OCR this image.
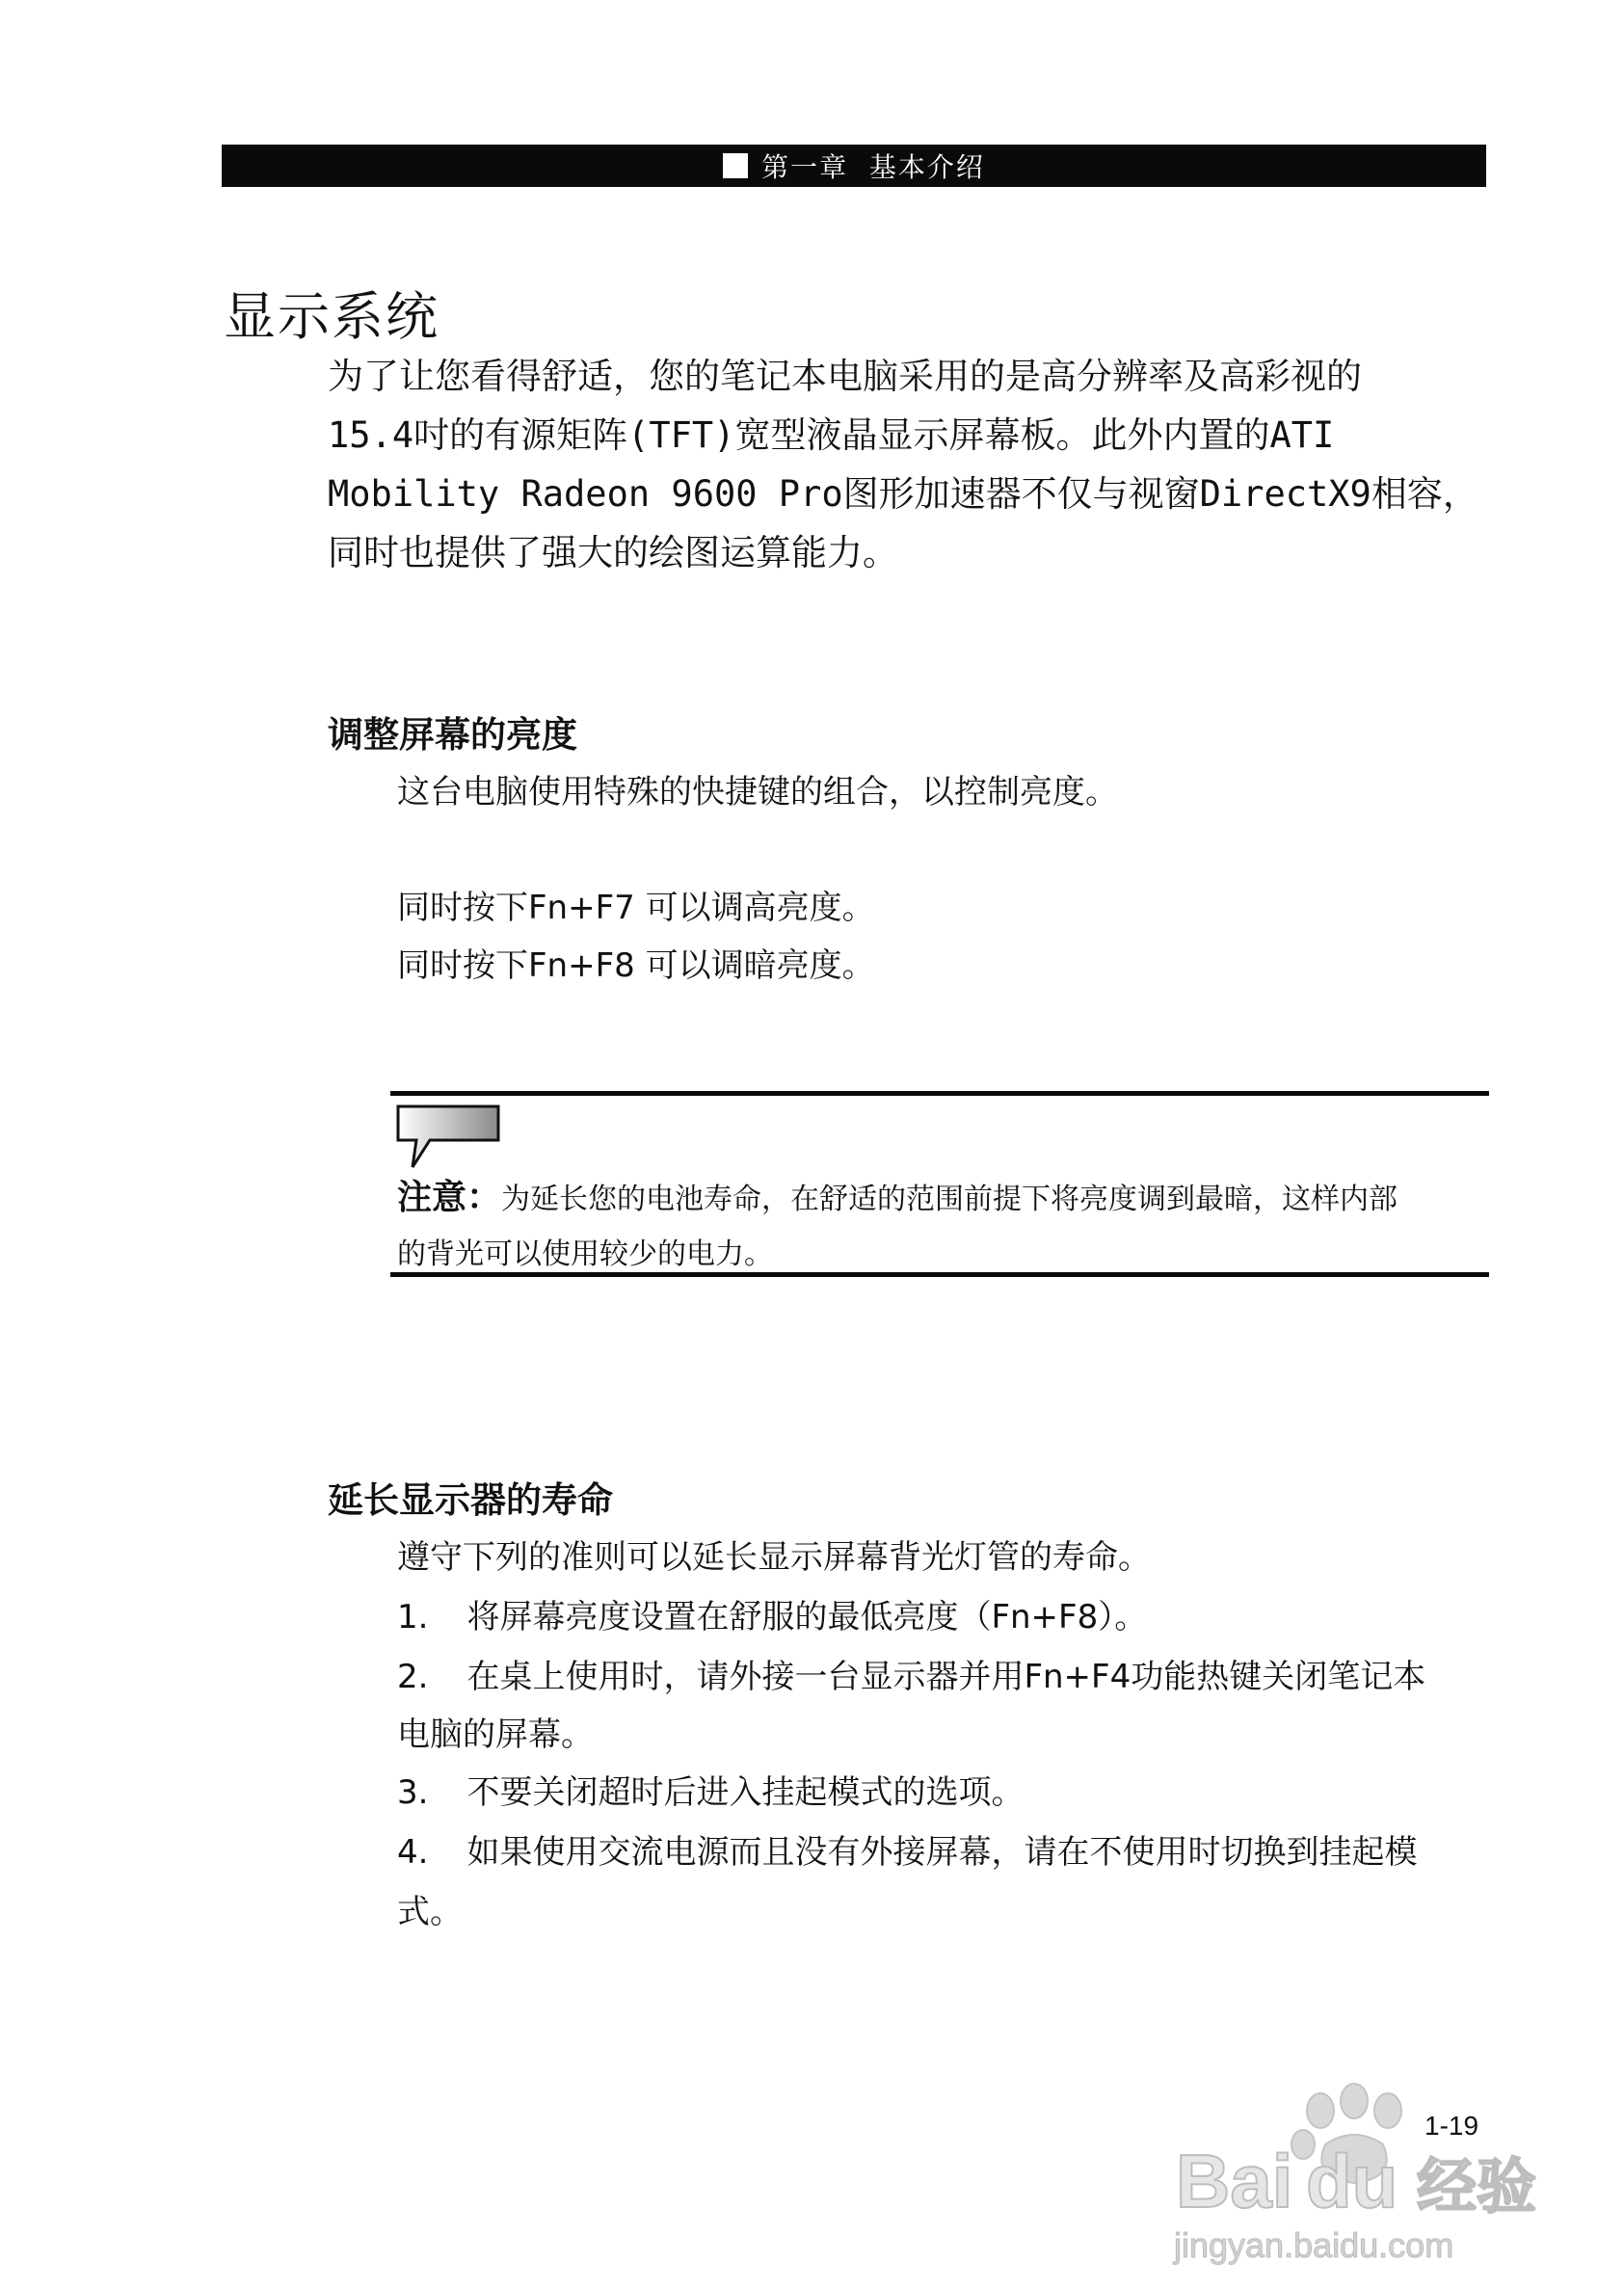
第一章
基本介绍
显示系统
为了让您看得舒适，您的笔记本电脑采用的是高分辨率及高彩视的
15.4吋的有源矩阵(TFT)宽型液晶显示屏幕板。此外内置的ATI
Mobility Radeon 9600 Pro图形加速器不仅与视窗DirectX9相容，
同时也提供了强大的绘图运算能力。
调整屏幕的亮度
这台电脑使用特殊的快捷键的组合，以控制亮度。
同时按下Fn+F7 可以调高亮度。
同时按下Fn+F8 可以调暗亮度。
注意：为延长您的电池寿命，在舒适的范围前提下将亮度调到最暗，这样内部
的背光可以使用较少的电力。
延长显示器的寿命
遵守下列的准则可以延长显示屏幕背光灯管的寿命。
1. 将屏幕亮度设置在舒服的最低亮度（Fn+F8）。
2. 在桌上使用时，请外接一台显示器并用Fn+F4功能热键关闭笔记本
电脑的屏幕。
3. 不要关闭超时后进入挂起模式的选项。
4. 如果使用交流电源而且没有外接屏幕，请在不使用时切换到挂起模
式。
Bai du 经验
jingyan.baidu.com
1-19
